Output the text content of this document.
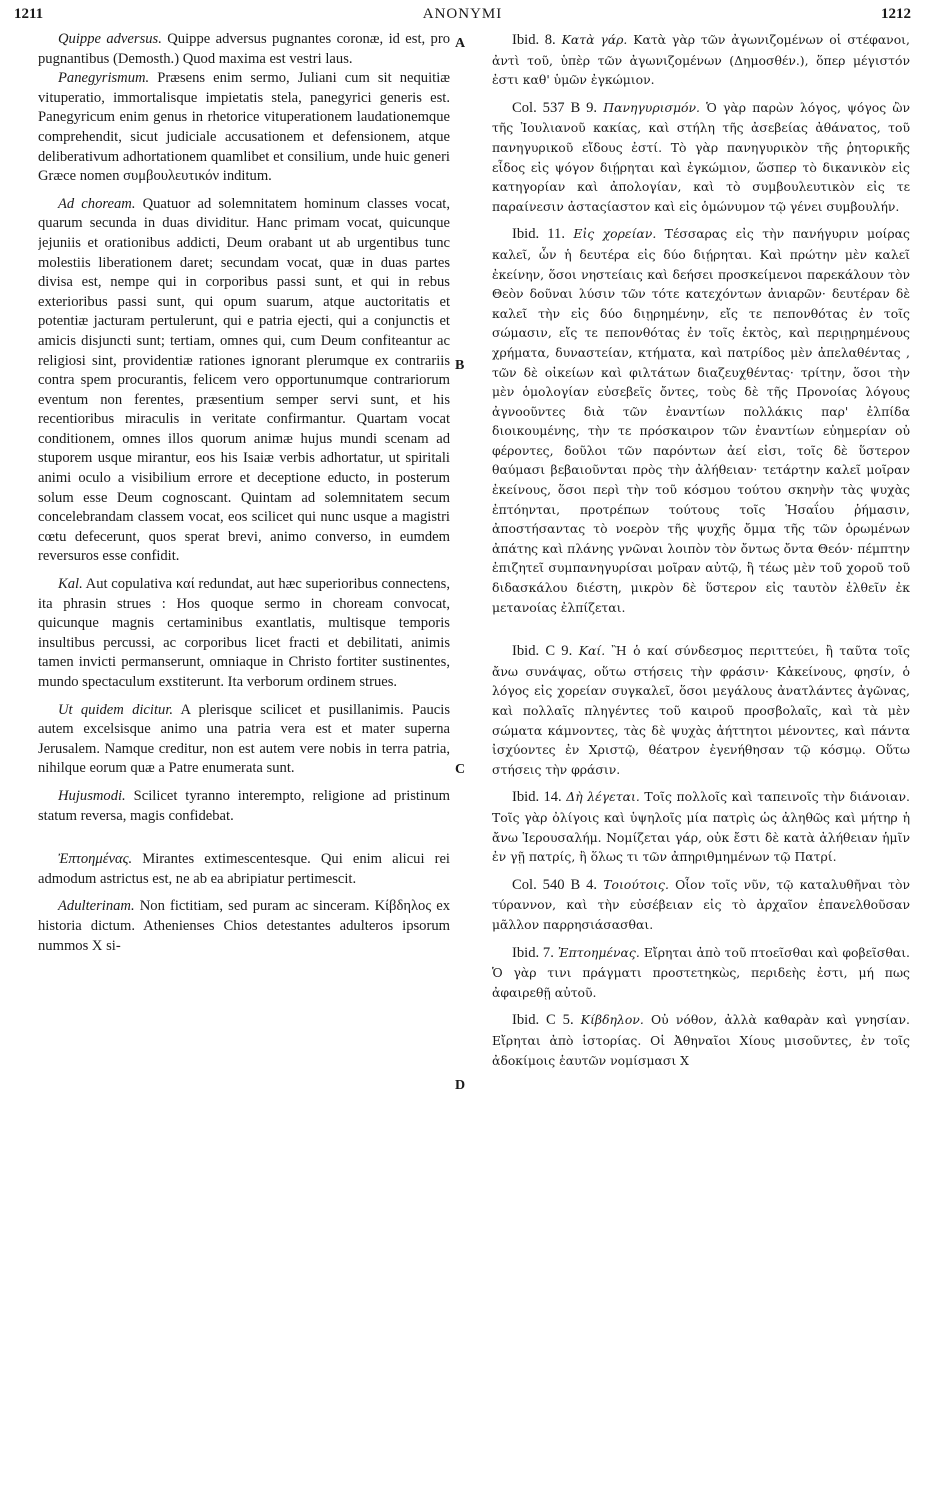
1211	ANONYMI	1212
A
B
C
D

Quippe adversus. Quippe adversus pugnantes coronæ, id est, pro pugnantibus (Demosth.) Quod maxima est vestri laus.

Panegyrismum. Præsens enim sermo, Juliani cum sit nequitiæ vituperatio, immortalisque impietatis stela, panegyrici generis est. Panegyricum enim genus in rhetorice vituperationem laudationemque comprehendit, sicut judiciale accusationem et defensionem, atque deliberativum adhortationem quamlibet et consilium, unde huic generi Græce nomen συμβουλευτικόν inditum.

Ad choream. Quatuor ad solemnitatem hominum classes vocat, quarum secunda in duas dividitur. Hanc primam vocat, quicunque jejuniis et orationibus addicti, Deum orabant ut ab urgentibus tunc molestiis liberationem daret; secundam vocat, quæ in duas partes divisa est, nempe qui in corporibus passi sunt, et qui in rebus exterioribus passi sunt, qui opum suarum, atque auctoritatis et potentiæ jacturam pertulerunt, qui e patria ejecti, qui a conjunctis et amicis disjuncti sunt; tertiam, omnes qui, cum Deum confiteantur ac religiosi sint, providentiæ rationes ignorant plerumque ex contrariis contra spem procurantis, felicem vero opportunumque contrariorum eventum non ferentes, præsentium semper servi sunt, et his recentioribus miraculis in veritate confirmantur. Quartam vocat conditionem, omnes illos quorum animæ hujus mundi scenam ad stuporem usque mirantur, eos his Isaiæ verbis adhortatur, ut spiritali animi oculo a visibilium errore et deceptione educto, in posterum solum esse Deum cognoscant. Quintam ad solemnitatem secum concelebrandam classem vocat, eos scilicet qui nunc usque a magistri cœtu defecerunt, quos sperat brevi, animo converso, in eumdem reversuros esse confidit.

Kal. Aut copulativa καί redundat, aut hæc superioribus connectens, ita phrasin strues : Hos quoque sermo in choream convocat, quicunque magnis certaminibus exantlatis, multisque temporis insultibus percussi, ac corporibus licet fracti et debilitati, animis tamen invicti permanserunt, omniaque in Christo fortiter sustinentes, mundo spectaculum exstiterunt. Ita verborum ordinem strues.

Ut quidem dicitur. A plerisque scilicet et pusillanimis. Paucis autem excelsisque animo una patria vera est et mater superna Jerusalem. Namque creditur, non est autem vere nobis in terra patria, nihilque eorum quæ a Patre enumerata sunt.

Hujusmodi. Scilicet tyranno interempto, religione ad pristinum statum reversa, magis confidebat.

Ἐπτοημένας. Mirantes extimescentesque. Qui enim alicui rei admodum astrictus est, ne ab ea abripiatur pertimescit.

Adulterinam. Non fictitiam, sed puram ac sinceram. Κίβδηλος ex historia dictum. Athenienses Chios detestantes adulteros ipsorum nummos X si-

Ibid. 8. Κατὰ γάρ. Κατὰ γὰρ τῶν ἀγωνιζομένων οἱ στέφανοι, ἀντὶ τοῦ, ὑπὲρ τῶν ἀγωνιζομένων (Δημοσθέν.), ὅπερ μέγιστόν ἐστι καθ' ὑμῶν ἐγκώμιον.

Col. 537 B 9. Πανηγυρισμόν. Ὁ γὰρ παρὼν λόγος, ψόγος ὢν τῆς Ἰουλιανοῦ κακίας, καὶ στήλη τῆς ἀσεβείας ἀθάνατος, τοῦ πανηγυρικοῦ εἴδους ἐστί. Τὸ γὰρ πανηγυρικὸν τῆς ῥητορικῆς εἶδος εἰς ψόγον διῄρηται καὶ ἐγκώμιον, ὥσπερ τὸ δικανικὸν εἰς κατηγορίαν καὶ ἀπολογίαν, καὶ τὸ συμβουλευτικὸν εἰς τε παραίνεσιν ἀσταςίαστον καὶ εἰς ὁμώνυμον τῷ γένει συμβουλήν.

Ibid. 11. Εἰς χορείαν. Τέσσαρας εἰς τὴν πανήγυριν μοίρας καλεῖ, ὧν ἡ δευτέρα εἰς δύο διῄρηται. Καὶ πρώτην μὲν καλεῖ ἐκείνην, ὅσοι νηστείαις καὶ δεήσει προσκείμενοι παρεκάλουν τὸν Θεὸν δοῦναι λύσιν τῶν τότε κατεχόντων ἀνιαρῶν· δευτέραν δὲ καλεῖ τὴν εἰς δύο διῃρημένην, εἴς τε πεπονθότας ἐν τοῖς σώμασιν, εἴς τε πεπονθότας ἐν τοῖς ἐκτὸς, καὶ περιῃρημένους χρήματα, δυναστείαν, κτήματα, καὶ πατρίδος μὲν ἀπελαθέντας , τῶν δὲ οἰκείων καὶ φιλτάτων διαζευχθέντας· τρίτην, ὅσοι τὴν μὲν ὁμολογίαν εὐσεβεῖς ὄντες, τοὺς δὲ τῆς Προνοίας λόγους ἀγνοοῦντες διὰ τῶν ἐναντίων πολλάκις παρ' ἐλπίδα διοικουμένης, τὴν τε πρόσκαιρον τῶν ἐναντίων εὐημερίαν οὐ φέροντες, δοῦλοι τῶν παρόντων ἀεί εἰσι, τοῖς δὲ ὕστερον θαύμασι βεβαιοῦνται πρὸς τὴν ἀλήθειαν· τετάρτην καλεῖ μοῖραν ἐκείνους, ὅσοι περὶ τὴν τοῦ κόσμου τούτου σκηνὴν τὰς ψυχὰς ἐπτόηνται, προτρέπων τούτους τοῖς Ἡσαΐου ῥήμασιν, ἀποστήσαντας τὸ νοερὸν τῆς ψυχῆς ὄμμα τῆς τῶν ὁρωμένων ἀπάτης καὶ πλάνης γνῶναι λοιπὸν τὸν ὄντως ὄντα Θεόν· πέμπτην ἐπιζητεῖ συμπανηγυρίσαι μοῖραν αὐτῷ, ἣ τέως μὲν τοῦ χοροῦ τοῦ διδασκάλου διέστη, μικρὸν δὲ ὕστερον εἰς ταυτὸν ἐλθεῖν ἐκ μετανοίας ἐλπίζεται.

Ibid. C 9. Καί. Ἢ ὁ καί σύνδεσμος περιττεύει, ἢ ταῦτα τοῖς ἄνω συνάψας, οὕτω στήσεις τὴν φράσιν· Κἀκείνους, φησίν, ὁ λόγος εἰς χορείαν συγκαλεῖ, ὅσοι μεγάλους ἀνατλάντες ἀγῶνας, καὶ πολλαῖς πληγέντες τοῦ καιροῦ προσβολαῖς, καὶ τὰ μὲν σώματα κάμνοντες, τὰς δὲ ψυχὰς ἀήττητοι μένοντες, καὶ πάντα ἰσχύοντες ἐν Χριστῷ, θέατρον ἐγενήθησαν τῷ κόσμῳ. Οὕτω στήσεις τὴν φράσιν.

Ibid. 14. Δὴ λέγεται. Τοῖς πολλοῖς καὶ ταπεινοῖς τὴν διάνοιαν. Τοῖς γὰρ ὀλίγοις καὶ ὑψηλοῖς μία πατρὶς ὡς ἀληθῶς καὶ μήτηρ ἡ ἄνω Ἱερουσαλήμ. Νομίζεται γάρ, οὐκ ἔστι δὲ κατὰ ἀλήθειαν ἡμῖν ἐν γῇ πατρίς, ἢ ὅλως τι τῶν ἀπηριθμημένων τῷ Πατρί.

Col. 540 B 4. Τοιούτοις. Οἷον τοῖς νῦν, τῷ καταλυθῆναι τὸν τύραννον, καὶ τὴν εὐσέβειαν εἰς τὸ ἀρχαῖον ἐπανελθοῦσαν μᾶλλον παρρησιάσασθαι.

Ibid. 7. Ἐπτοημένας. Εἴρηται ἀπὸ τοῦ πτοεῖσθαι καὶ φοβεῖσθαι. Ὁ γὰρ τινι πράγματι προστετηκὼς, περιδεὴς ἐστι, μή πως ἀφαιρεθῇ αὐτοῦ.

Ibid. C 5. Κίβδηλον. Οὐ νόθον, ἀλλὰ καθαρὰν καὶ γνησίαν. Εἴρηται ἀπὸ ἱστορίας. Οἱ Ἀθηναῖοι Χίους μισοῦντες, ἐν τοῖς ἀδοκίμοις ἑαυτῶν νομίσμασι X
